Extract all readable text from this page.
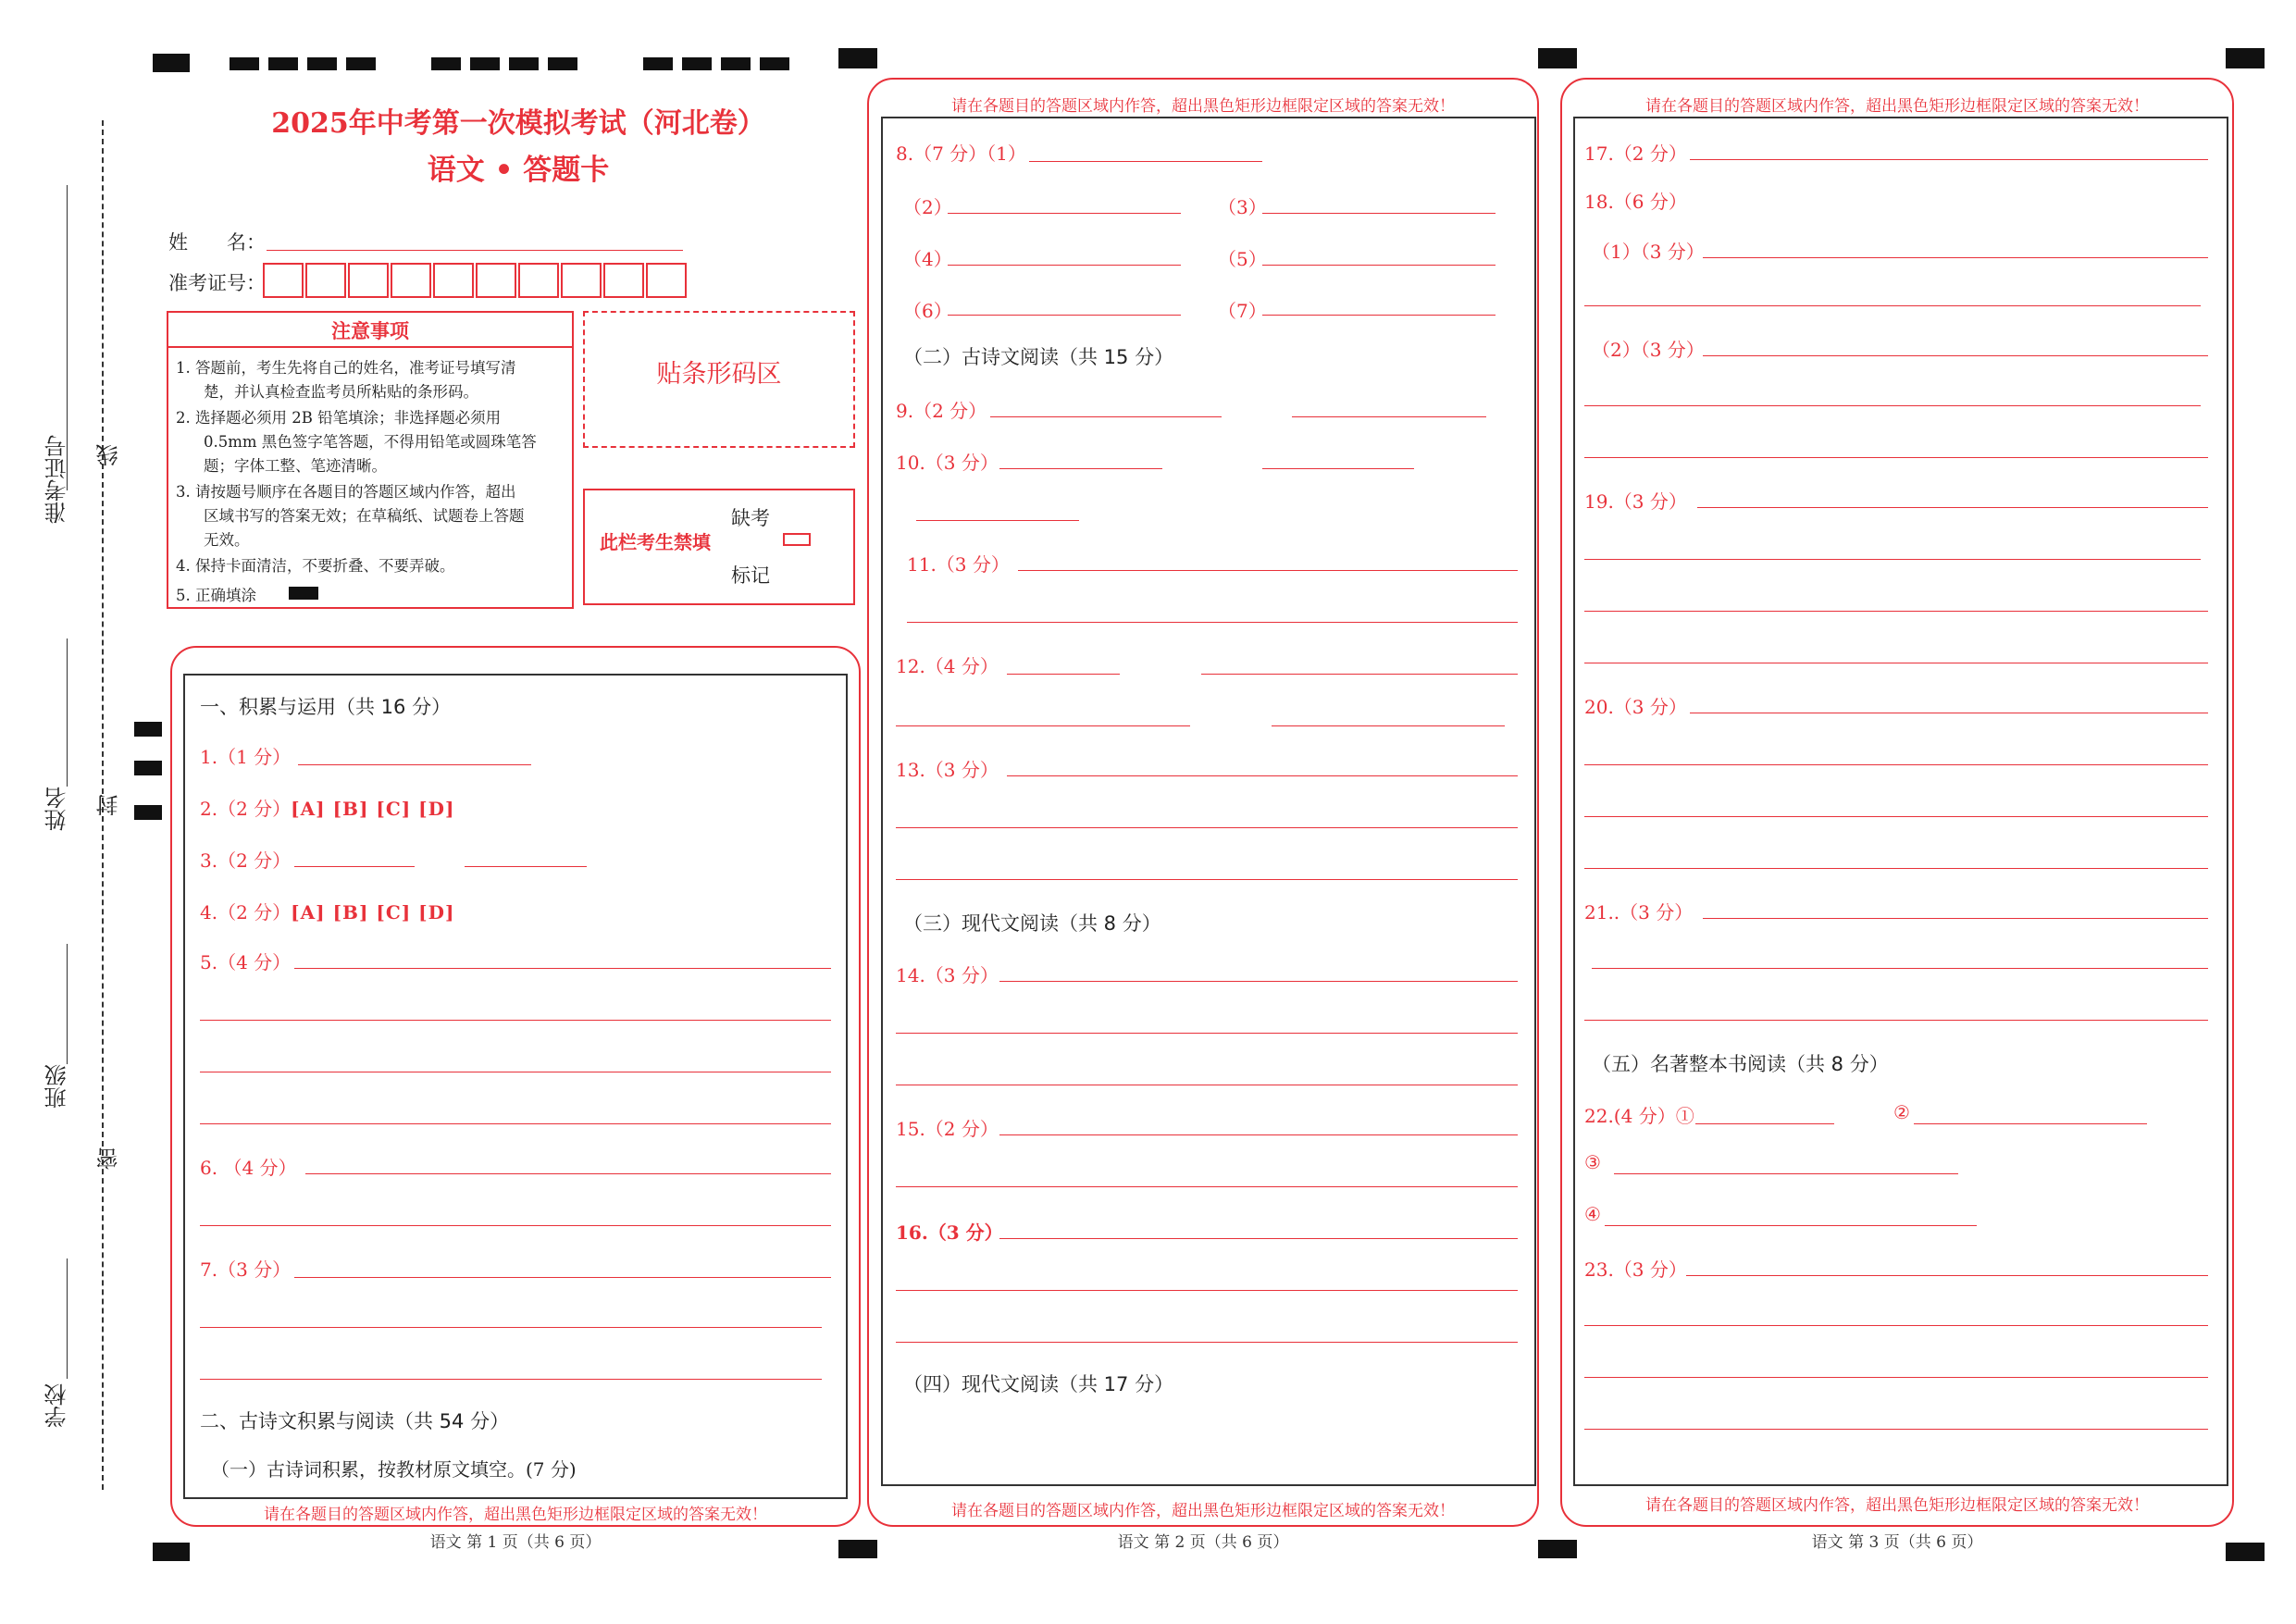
准考证号
姓名
班级
学校
线
封
密
2025年中考第一次模拟考试（河北卷）
语文 • 答题卡
姓　　名：
准考证号：
注意事项
1. 答题前，考生先将自己的姓名，准考证号填写清
楚，并认真检查监考员所粘贴的条形码。
2. 选择题必须用 2B 铅笔填涂；非选择题必须用
0.5mm 黑色签字笔答题，不得用铅笔或圆珠笔答
题；字体工整、笔迹清晰。
3. 请按题号顺序在各题目的答题区域内作答，超出
区域书写的答案无效；在草稿纸、试题卷上答题
无效。
4. 保持卡面清洁，不要折叠、不要弄破。
5. 正确填涂
贴条形码区
此栏考生禁填
缺考
标记
请在各题目的答题区域内作答，超出黑色矩形边框限定区域的答案无效！
语文 第 1 页（共 6 页）
一、积累与运用（共 16 分）
1.（1 分）
2.（2 分）[A] [B] [C] [D]
3.（2 分）
4.（2 分）[A] [B] [C] [D]
5.（4 分）
6. （4 分）
7.（3 分）
二、古诗文积累与阅读（共 54 分）
（一）古诗词积累，按教材原文填空。(7 分)
请在各题目的答题区域内作答，超出黑色矩形边框限定区域的答案无效！
请在各题目的答题区域内作答，超出黑色矩形边框限定区域的答案无效！
语文 第 2 页（共 6 页）
8.（7 分）（1）
（2）	（3）
（4）	（5）
（6）	（7）
（二）古诗文阅读（共 15 分）
9.（2 分）
10.（3 分）
11.（3 分）
12.（4 分）
13.（3 分）
（三）现代文阅读（共 8 分）
14.（3 分）
15.（2 分）
16.（3 分）
（四）现代文阅读（共 17 分）
请在各题目的答题区域内作答，超出黑色矩形边框限定区域的答案无效！
请在各题目的答题区域内作答，超出黑色矩形边框限定区域的答案无效！
语文 第 3 页（共 6 页）
17.（2 分）
18.（6 分）
（1）（3 分）
（2）（3 分）
19.（3 分）
20.（3 分）
21..（3 分）
（五）名著整本书阅读（共 8 分）
22.(4 分）①	②
③
④
23.（3 分）
